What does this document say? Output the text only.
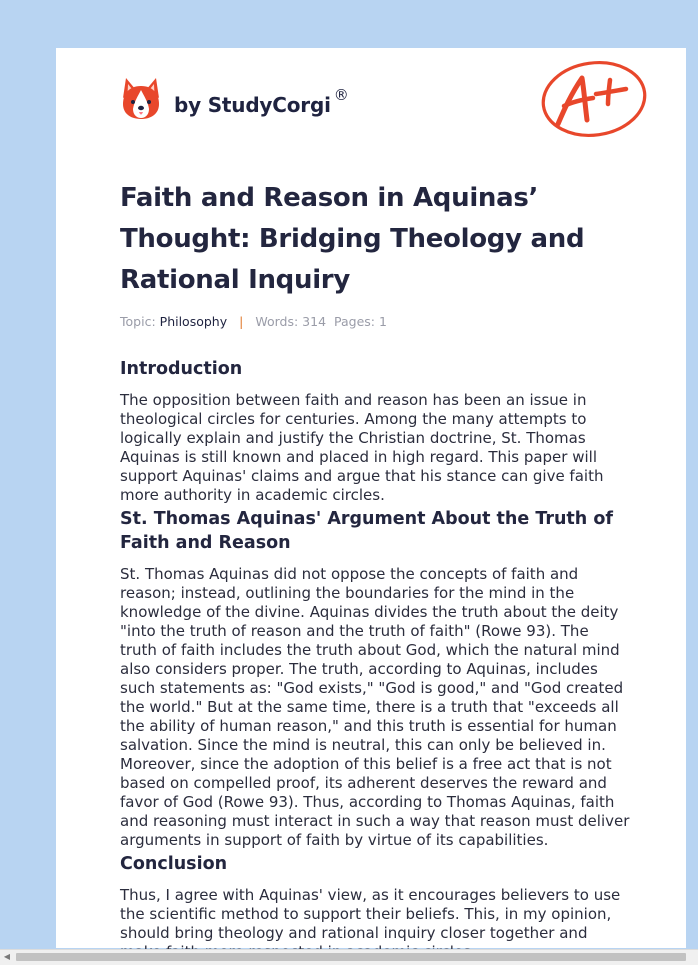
by StudyCorgi ®
Faith and Reason in Aquinas’ Thought: Bridging Theology and Rational Inquiry
Topic: Philosophy | Words: 314 Pages: 1
Introduction

The opposition between faith and reason has been an issue in theological circles for centuries. Among the many attempts to logically explain and justify the Christian doctrine, St. Thomas Aquinas is still known and placed in high regard. This paper will support Aquinas' claims and argue that his stance can give faith more authority in academic circles.

St. Thomas Aquinas' Argument About the Truth of Faith and Reason

St. Thomas Aquinas did not oppose the concepts of faith and reason; instead, outlining the boundaries for the mind in the knowledge of the divine. Aquinas divides the truth about the deity "into the truth of reason and the truth of faith" (Rowe 93). The truth of faith includes the truth about God, which the natural mind also considers proper. The truth, according to Aquinas, includes such statements as: "God exists," "God is good," and "God created the world." But at the same time, there is a truth that "exceeds all the ability of human reason," and this truth is essential for human salvation. Since the mind is neutral, this can only be believed in. Moreover, since the adoption of this belief is a free act that is not based on compelled proof, its adherent deserves the reward and favor of God (Rowe 93). Thus, according to Thomas Aquinas, faith and reasoning must interact in such a way that reason must deliver arguments in support of faith by virtue of its capabilities.

Conclusion

Thus, I agree with Aquinas' view, as it encourages believers to use the scientific method to support their beliefs. This, in my opinion, should bring theology and rational inquiry closer together and

◀
